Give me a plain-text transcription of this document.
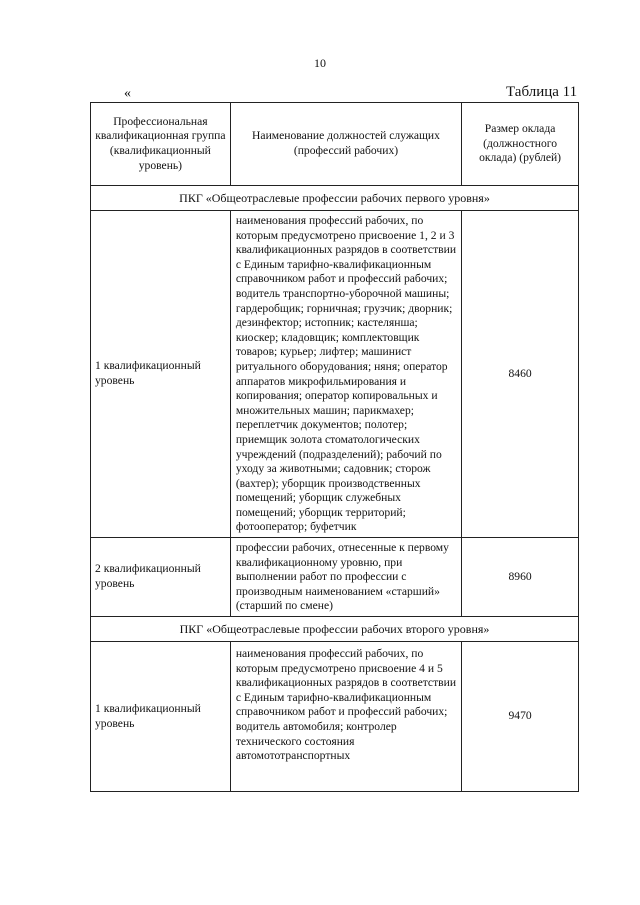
10
«	Таблица 11
Профессиональная квалификационная группа (квалификационный уровень)	Наименование должностей служащих (профессий рабочих)	Размер оклада (должностного оклада) (рублей)
ПКГ «Общеотраслевые профессии рабочих первого уровня»		
1 квалификационный уровень	наименования профессий рабочих, по которым предусмотрено присвоение 1, 2 и 3 квалификационных разрядов в соответствии с Единым тарифно-квалификационным справочником работ и профессий рабочих; водитель транспортно-уборочной машины; гардеробщик; горничная; грузчик; дворник; дезинфектор; истопник; кастелянша; киоскер; кладовщик; комплектовщик товаров; курьер; лифтер; машинист ритуального оборудования; няня; оператор аппаратов микрофильмирования и копирования; оператор копировальных и множительных машин; парикмахер; переплетчик документов; полотер; приемщик золота стоматологических учреждений (подразделений); рабочий по уходу за животными; садовник; сторож (вахтер); уборщик производственных помещений; уборщик служебных помещений; уборщик территорий; фотооператор; буфетчик	8460
2 квалификационный уровень	профессии рабочих, отнесенные к первому квалификационному уровню, при выполнении работ по профессии с производным наименованием «старший» (старший по смене)	8960
ПКГ «Общеотраслевые профессии рабочих второго уровня»		
1 квалификационный уровень	наименования профессий рабочих, по которым предусмотрено присвоение 4 и 5 квалификационных разрядов в соответствии с Единым тарифно-квалификационным справочником работ и профессий рабочих; водитель автомобиля; контролер технического состояния автомототранспортных	9470
